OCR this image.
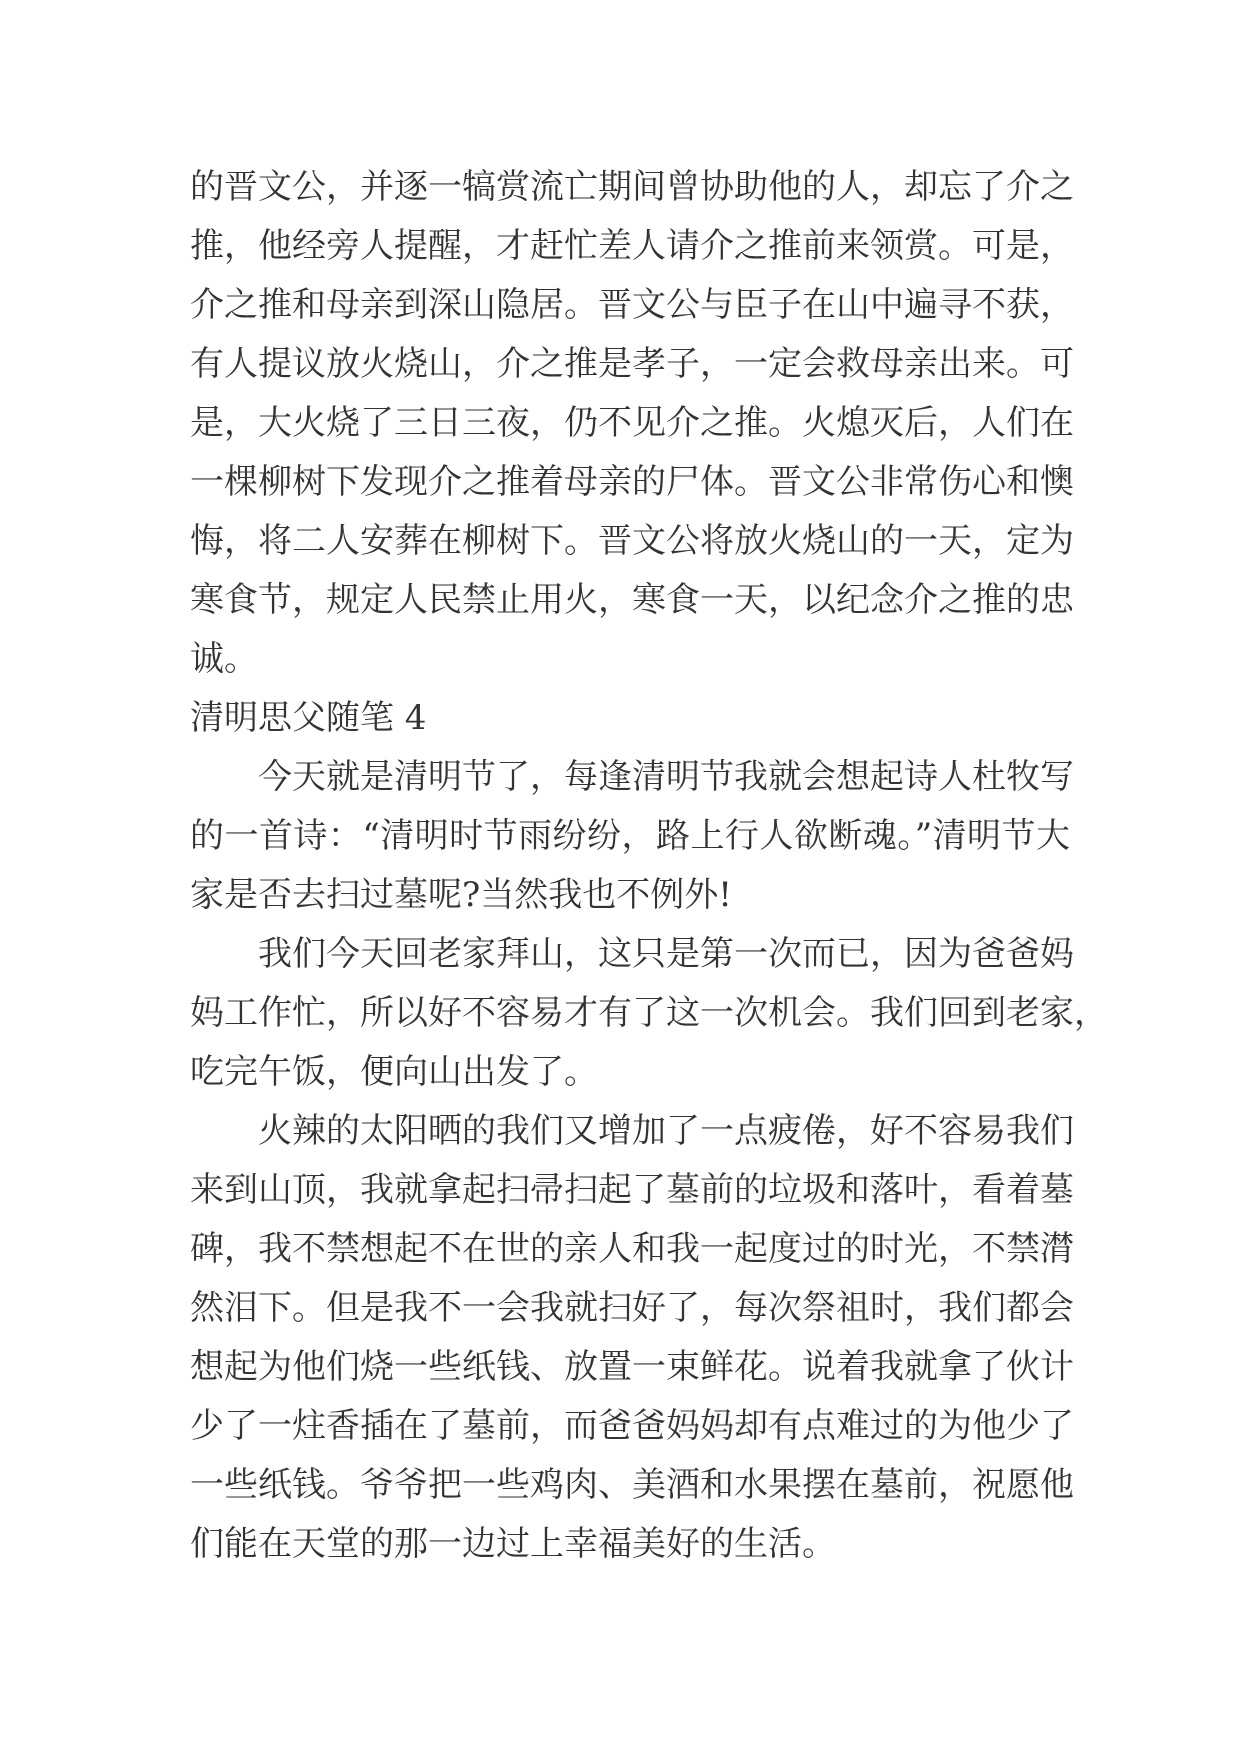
的晋文公，并逐一犒赏流亡期间曾协助他的人，却忘了介之
推，他经旁人提醒，才赶忙差人请介之推前来领赏。可是，
介之推和母亲到深山隐居。晋文公与臣子在山中遍寻不获，
有人提议放火烧山，介之推是孝子，一定会救母亲出来。可
是，大火烧了三日三夜，仍不见介之推。火熄灭后，人们在
一棵柳树下发现介之推着母亲的尸体。晋文公非常伤心和懊
悔，将二人安葬在柳树下。晋文公将放火烧山的一天，定为
寒食节，规定人民禁止用火，寒食一天，以纪念介之推的忠
诚。
清明思父随笔 4
今天就是清明节了，每逢清明节我就会想起诗人杜牧写
的一首诗：“清明时节雨纷纷，路上行人欲断魂。”清明节大
家是否去扫过墓呢?当然我也不例外!
我们今天回老家拜山，这只是第一次而已，因为爸爸妈
妈工作忙，所以好不容易才有了这一次机会。我们回到老家，
吃完午饭，便向山出发了。
火辣的太阳晒的我们又增加了一点疲倦，好不容易我们
来到山顶，我就拿起扫帚扫起了墓前的垃圾和落叶，看着墓
碑，我不禁想起不在世的亲人和我一起度过的时光，不禁潸
然泪下。但是我不一会我就扫好了，每次祭祖时，我们都会
想起为他们烧一些纸钱、放置一束鲜花。说着我就拿了伙计
少了一炷香插在了墓前，而爸爸妈妈却有点难过的为他少了
一些纸钱。爷爷把一些鸡肉、美酒和水果摆在墓前，祝愿他
们能在天堂的那一边过上幸福美好的生活。
